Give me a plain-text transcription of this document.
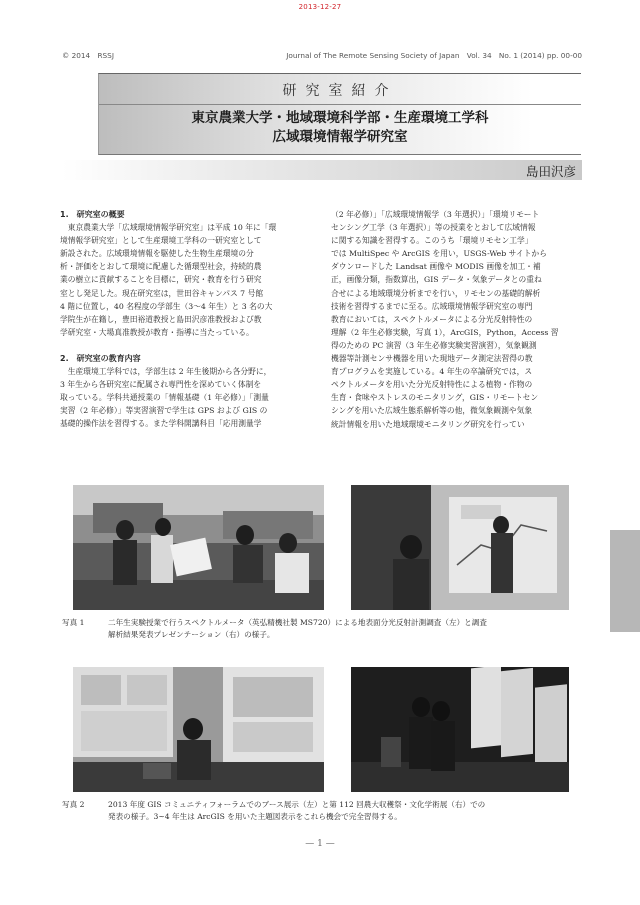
2013-12-27
© 2014　RSSJ	Journal of The Remote Sensing Society of Japan　Vol. 34　No. 1 (2014) pp. 00-00
研究室紹介
東京農業大学・地域環境科学部・生産環境工学科
広域環境情報学研究室
島田沢彦
1.　研究室の概要
東京農業大学「広域環境情報学研究室」は平成 10 年に「環
境情報学研究室」として生産環境工学科の一研究室として
新設された。広域環境情報を駆使した生物生産環境の分
析・評価をとおして環境に配慮した循環型社会，持続的農
業の樹立に貢献することを目標に，研究・教育を行う研究
室とし発足した。現在研究室は，世田谷キャンパス 7 号館
4 階に位置し，40 名程度の学部生（3～4 年生）と 3 名の大
学院生が在籍し，豊田裕道教授と島田沢彦准教授および教
学研究室・大場真准教授が教育・指導に当たっている。
2.　研究室の教育内容
生産環境工学科では，学部生は 2 年生後期から各分野に，
3 年生から各研究室に配属され専門性を深めていく体制を
取っている。学科共通授業の「情報基礎（1 年必修）」「測量
実習（2 年必修）」等実習演習で学生は GPS および GIS の
基礎的操作法を習得する。また学科開講科目「応用測量学
（2 年必修）」「広域環境情報学（3 年選択）」「環境リモート
センシング工学（3 年選択）」等の授業をとおして広域情報
に関する知識を習得する。このうち「環境リモセン工学」
では MultiSpec や ArcGIS を用い，USGS-Web サイトから
ダウンロードした Landsat 画像や MODIS 画像を加工・補
正，画像分類，指数算出，GIS データ・気象データとの重ね
合せによる地域環境分析までを行い，リモセンの基礎的解析
技術を習得するまでに至る。広域環境情報学研究室の専門
教育においては，スペクトルメータによる分光反射特性の
理解（2 年生必修実験，写真 1），ArcGIS，Python，Access 習
得のための PC 演習（3 年生必修実験実習演習），気象観測
機器等計測センサ機器を用いた現地データ測定法習得の教
育プログラムを実施している。4 年生の卒論研究では，ス
ペクトルメータを用いた分光反射特性による植物・作物の
生育・食味やストレスのモニタリング，GIS・リモートセン
シングを用いた広域生態系解析等の他，微気象観測や気象
統計情報を用いた地域環境モニタリング研究を行ってい
写真 1	二年生実験授業で行うスペクトルメータ（英弘精機社製 MS720）による地表面分光反射計測調査（左）と調査
解析結果発表プレゼンテーション（右）の様子。
写真 2	2013 年度 GIS コミュニティフォーラムでのブース展示（左）と第 112 回農大収穫祭・文化学術展（右）での
発表の様子。3~4 年生は ArcGIS を用いた主題図表示をこれら機会で完全習得する。
— 1 —
